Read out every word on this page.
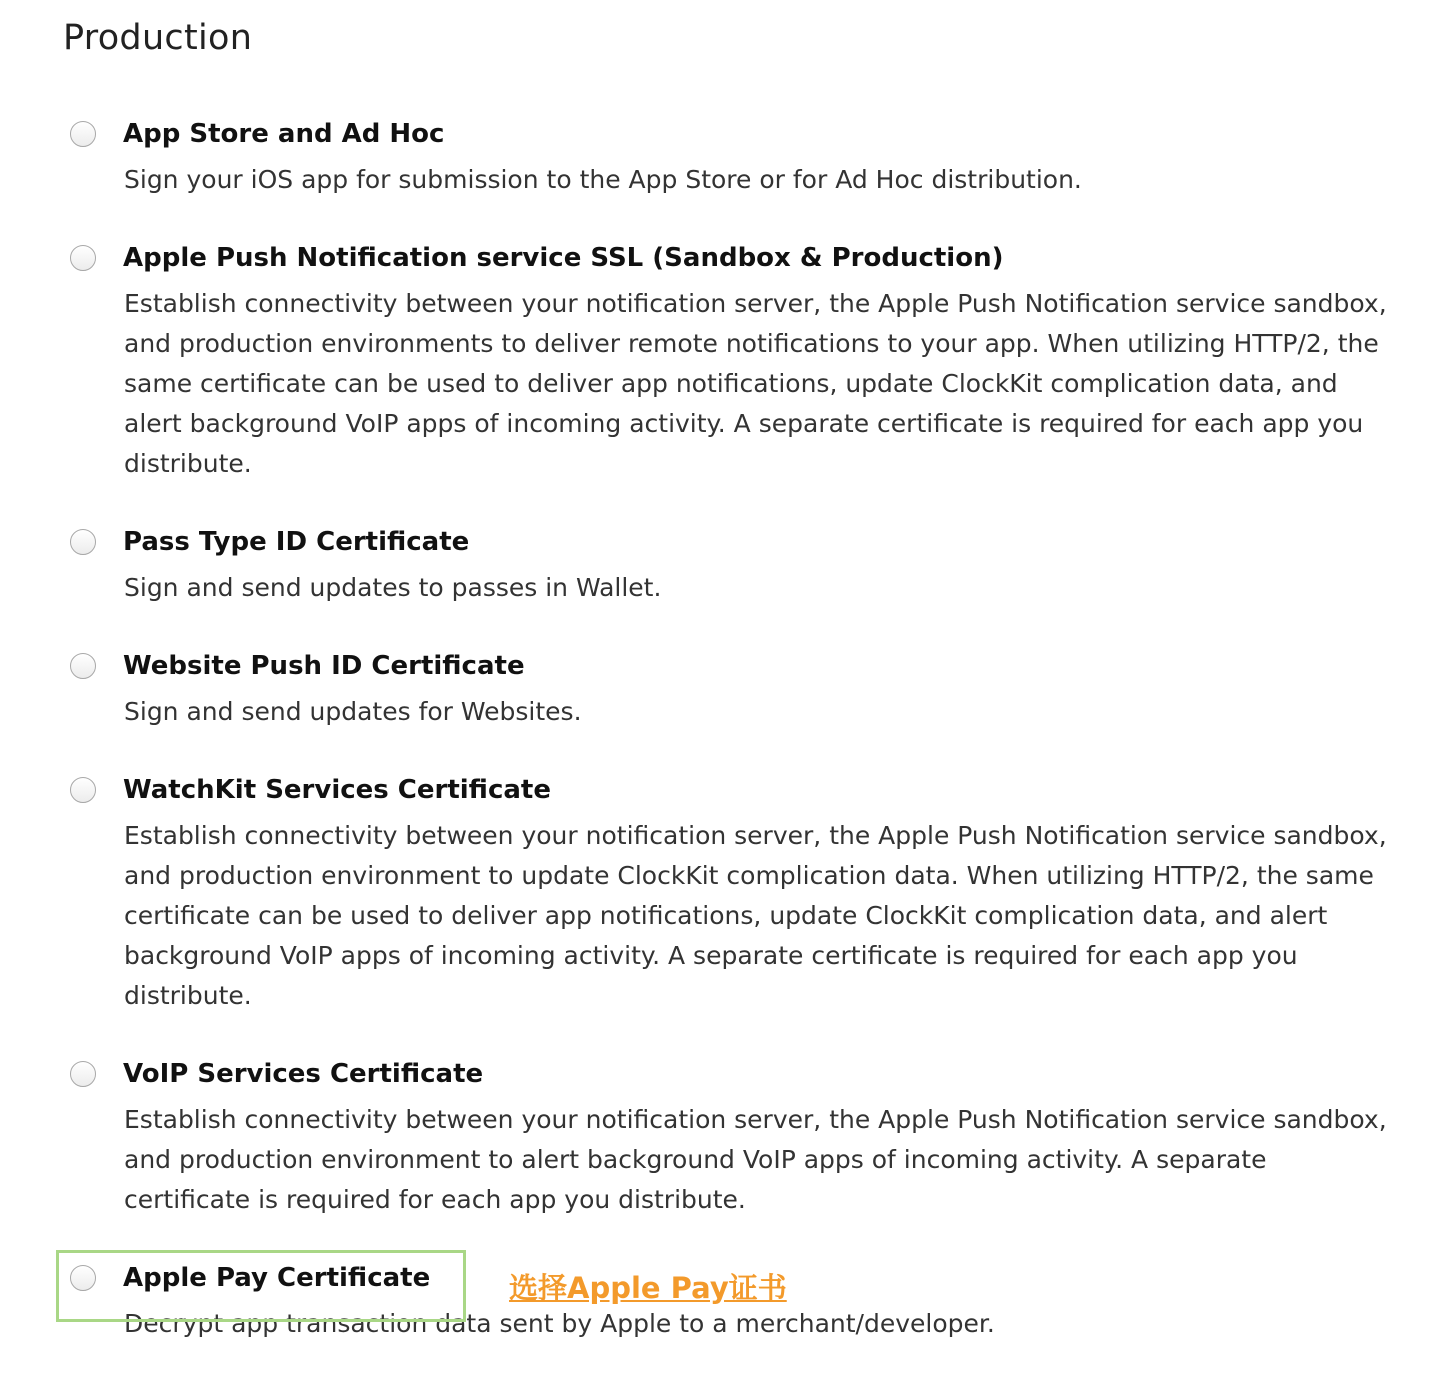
Production
App Store and Ad Hoc

Sign your iOS app for submission to the App Store or for Ad Hoc distribution.

Apple Push Notification service SSL (Sandbox & Production)

Establish connectivity between your notification server, the Apple Push Notification service sandbox, and production environments to deliver remote notifications to your app. When utilizing HTTP/2, the same certificate can be used to deliver app notifications, update ClockKit complication data, and alert background VoIP apps of incoming activity. A separate certificate is required for each app you distribute.

Pass Type ID Certificate

Sign and send updates to passes in Wallet.

Website Push ID Certificate

Sign and send updates for Websites.

WatchKit Services Certificate

Establish connectivity between your notification server, the Apple Push Notification service sandbox, and production environment to update ClockKit complication data. When utilizing HTTP/2, the same certificate can be used to deliver app notifications, update ClockKit complication data, and alert background VoIP apps of incoming activity. A separate certificate is required for each app you distribute.

VoIP Services Certificate

Establish connectivity between your notification server, the Apple Push Notification service sandbox, and production environment to alert background VoIP apps of incoming activity. A separate certificate is required for each app you distribute.

Apple Pay Certificate

Decrypt app transaction data sent by Apple to a merchant/developer.

选择Apple Pay证书
